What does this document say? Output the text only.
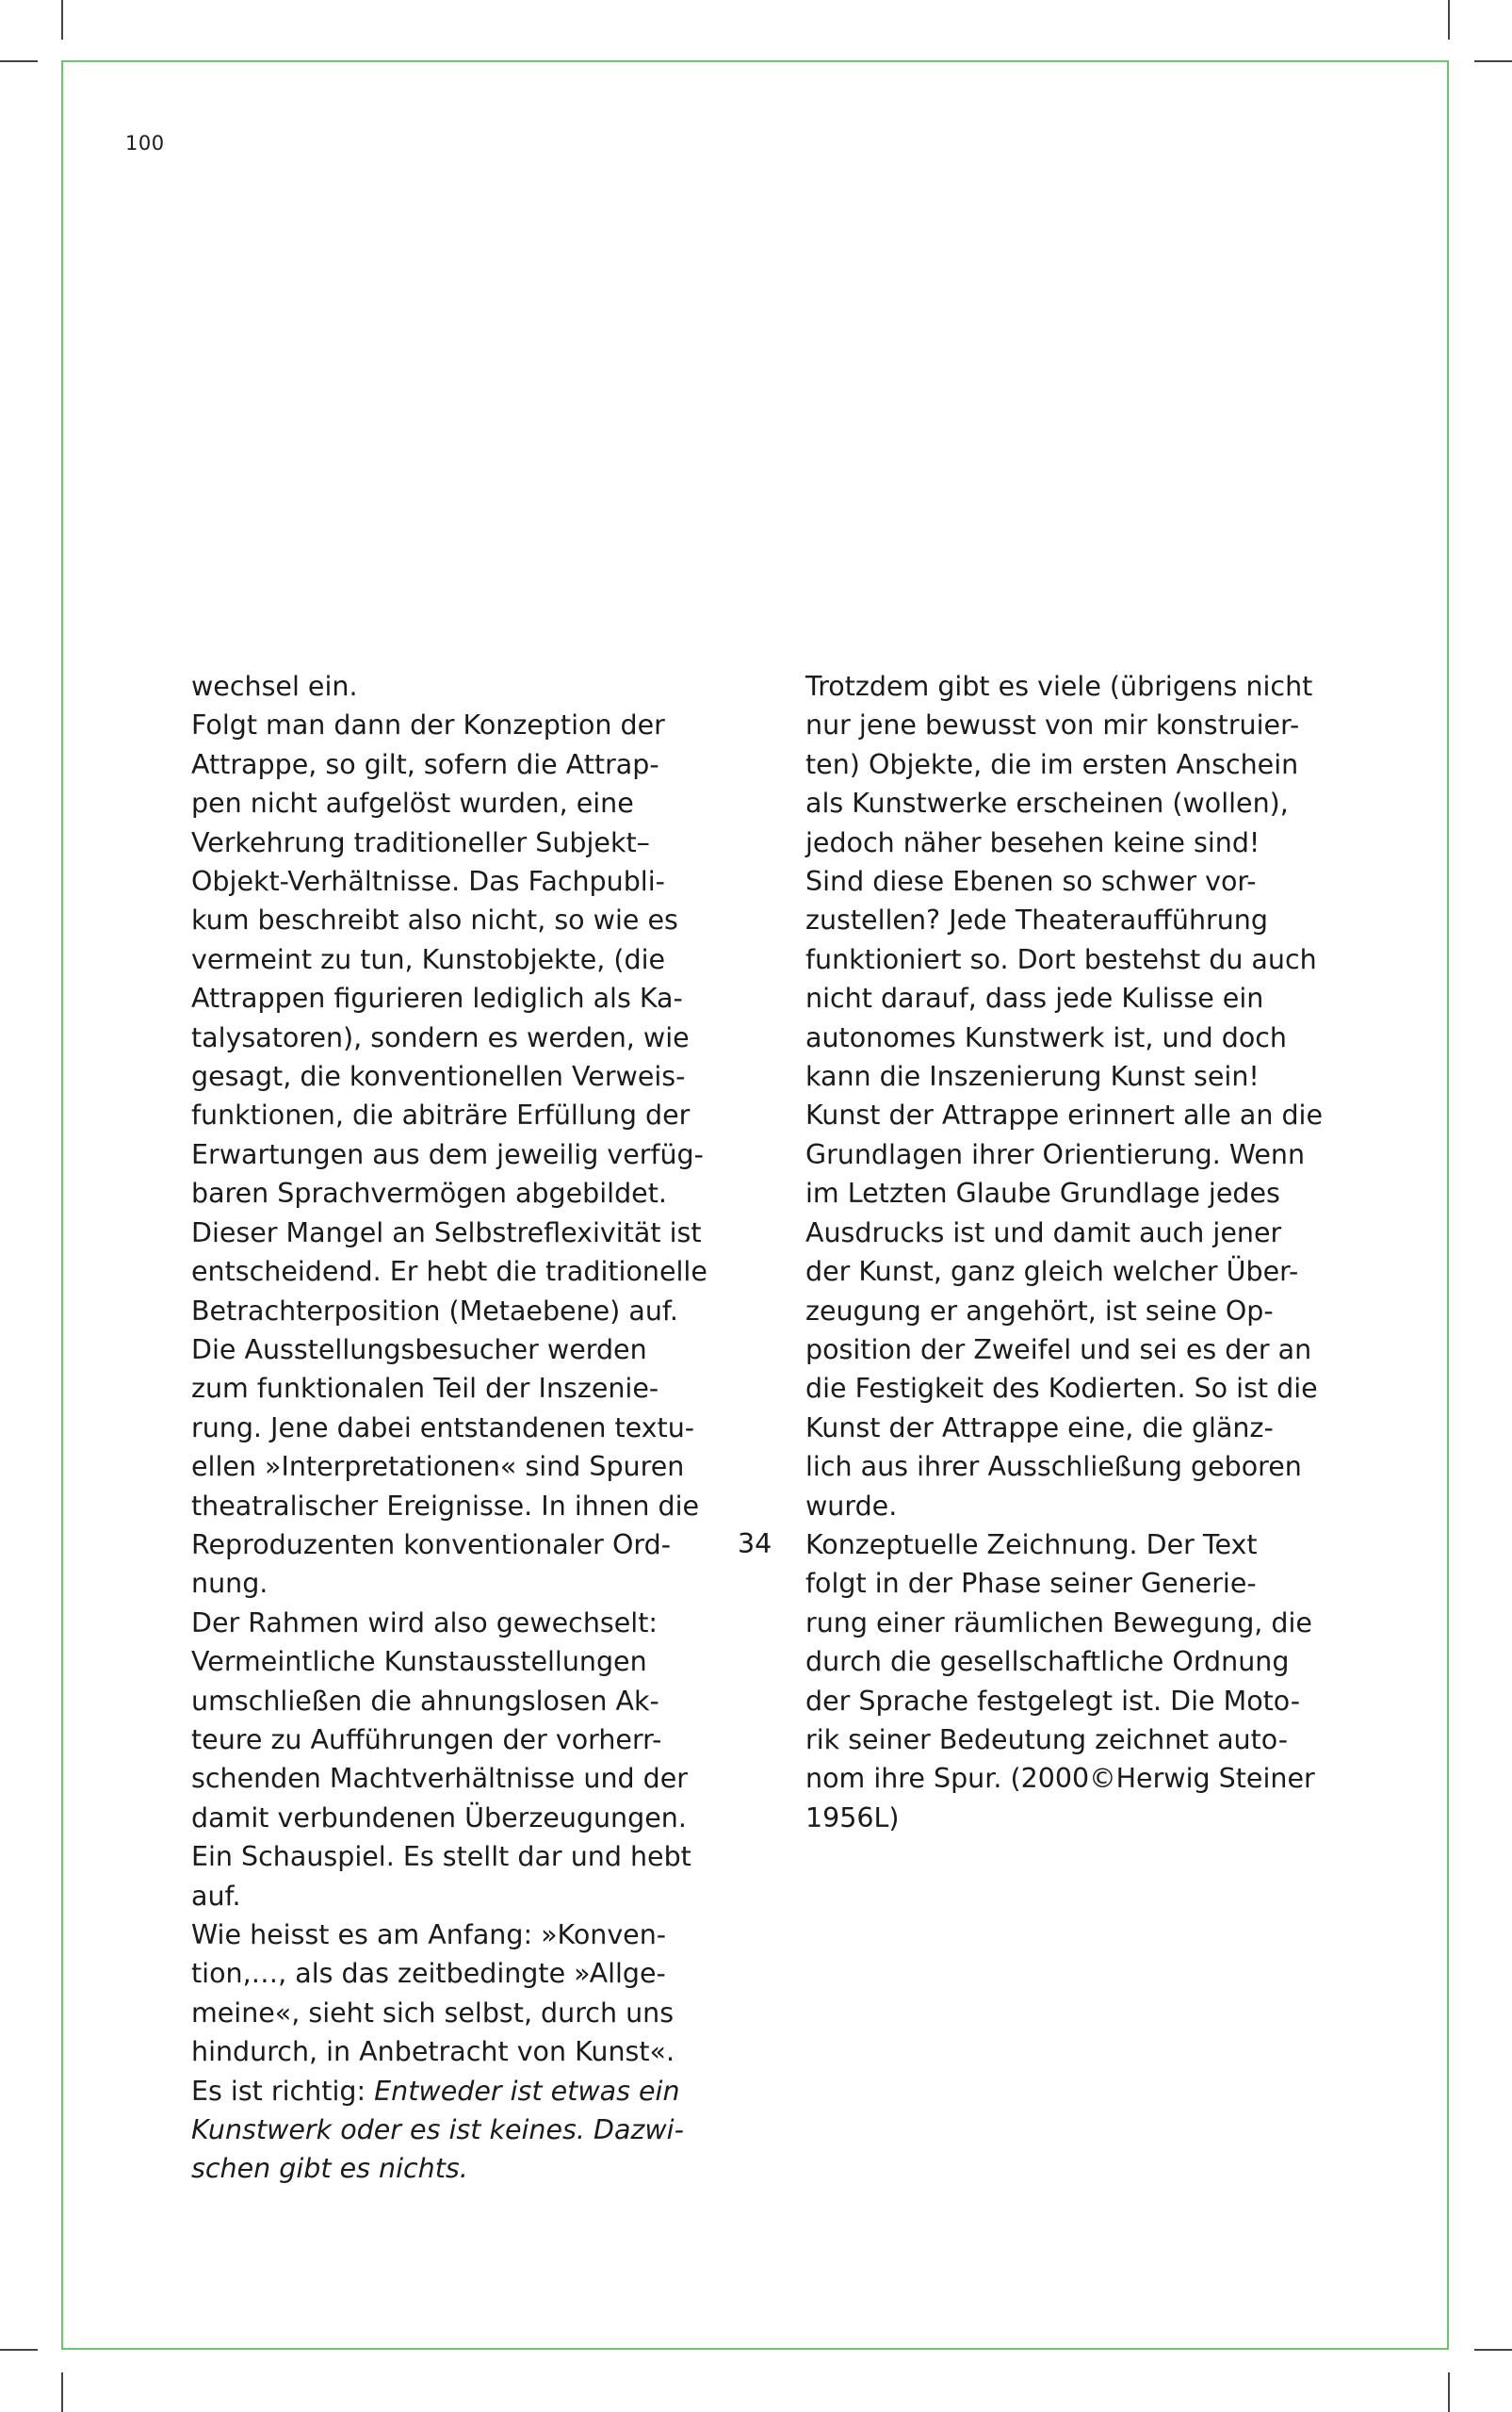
100
wechsel ein.
Folgt man dann der Konzeption der
Attrappe, so gilt, sofern die Attrap-
pen nicht aufgelöst wurden, eine
Verkehrung traditioneller Subjekt–
Objekt-Verhältnisse. Das Fachpubli-
kum beschreibt also nicht, so wie es
vermeint zu tun, Kunstobjekte, (die
Attrappen figurieren lediglich als Ka-
talysatoren), sondern es werden, wie
gesagt, die konventionellen Verweis-
funktionen, die abiträre Erfüllung der
Erwartungen aus dem jeweilig verfüg-
baren Sprachvermögen abgebildet.
Dieser Mangel an Selbstreflexivität ist
entscheidend. Er hebt die traditionelle
Betrachterposition (Metaebene) auf.
Die Ausstellungsbesucher werden
zum funktionalen Teil der Inszenie-
rung. Jene dabei entstandenen textu-
ellen »Interpretationen« sind Spuren
theatralischer Ereignisse. In ihnen die
Reproduzenten konventionaler Ord-
nung.
Der Rahmen wird also gewechselt:
Vermeintliche Kunstausstellungen
umschließen die ahnungslosen Ak-
teure zu Aufführungen der vorherr-
schenden Machtverhältnisse und der
damit verbundenen Überzeugungen.
Ein Schauspiel. Es stellt dar und hebt
auf.
Wie heisst es am Anfang: »Konven-
tion,…, als das zeitbedingte »Allge-
meine«, sieht sich selbst, durch uns
hindurch, in Anbetracht von Kunst«.
Es ist richtig: Entweder ist etwas ein
Kunstwerk oder es ist keines. Dazwi-
schen gibt es nichts.
34
Trotzdem gibt es viele (übrigens nicht
nur jene bewusst von mir konstruier-
ten) Objekte, die im ersten Anschein
als Kunstwerke erscheinen (wollen),
jedoch näher besehen keine sind!
Sind diese Ebenen so schwer vor-
zustellen? Jede Theateraufführung
funktioniert so. Dort bestehst du auch
nicht darauf, dass jede Kulisse ein
autonomes Kunstwerk ist, und doch
kann die Inszenierung Kunst sein!
Kunst der Attrappe erinnert alle an die
Grundlagen ihrer Orientierung. Wenn
im Letzten Glaube Grundlage jedes
Ausdrucks ist und damit auch jener
der Kunst, ganz gleich welcher Über-
zeugung er angehört, ist seine Op-
position der Zweifel und sei es der an
die Festigkeit des Kodierten. So ist die
Kunst der Attrappe eine, die glänz-
lich aus ihrer Ausschließung geboren
wurde.
Konzeptuelle Zeichnung. Der Text
folgt in der Phase seiner Generie-
rung einer räumlichen Bewegung, die
durch die gesellschaftliche Ordnung
der Sprache festgelegt ist. Die Moto-
rik seiner Bedeutung zeichnet auto-
nom ihre Spur. (2000©Herwig Steiner
1956L)
